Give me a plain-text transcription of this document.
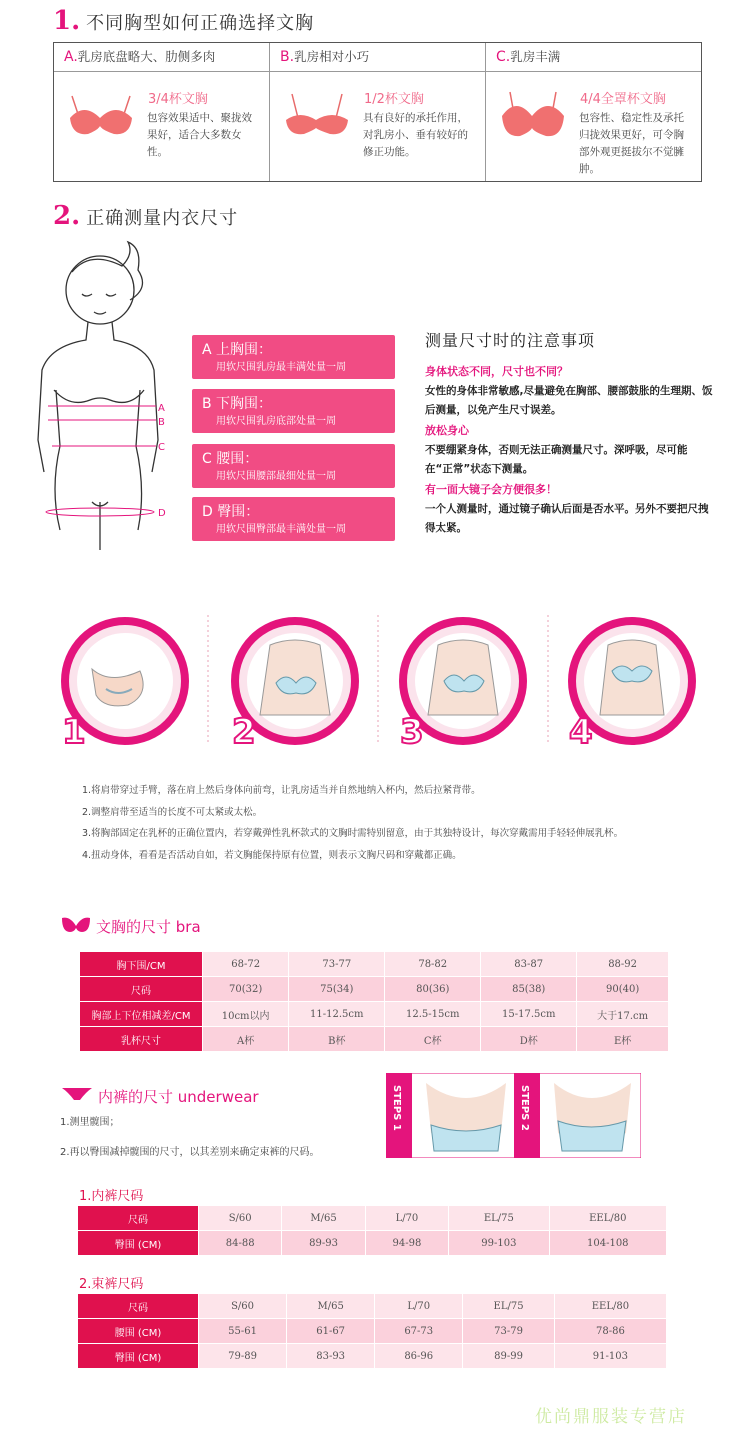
1. 不同胸型如何正确选择文胸
A.乳房底盘略大、肋侧多肉
3/4杯文胸
包容效果适中、聚拢效果好，适合大多数女性。
B.乳房相对小巧
1/2杯文胸
具有良好的承托作用，对乳房小、垂有较好的修正功能。
C.乳房丰满
4/4全罩杯文胸
包容性、稳定性及承托归拢效果更好，可令胸部外观更挺拔尔不觉臃肿。
2. 正确测量内衣尺寸
A
B
C
D
A 上胸围：
用软尺围乳房最丰满处量一周
B 下胸围：
用软尺围乳房底部处量一周
C 腰围：
用软尺围腰部最细处量一周
D 臀围：
用软尺围臀部最丰满处量一周
测量尺寸时的注意事项
身体状态不同，尺寸也不同？
女性的身体非常敏感,尽量避免在胸部、腰部鼓胀的生理期、饭后测量，以免产生尺寸误差。
放松身心
不要绷紧身体，否则无法正确测量尺寸。深呼吸，尽可能在“正常”状态下测量。
有一面大镜子会方便很多！
一个人测量时，通过镜子确认后面是否水平。另外不要把尺拽得太紧。
1	2	3	4
1.将肩带穿过手臂，落在肩上然后身体向前弯，让乳房适当并自然地纳入杯内，然后拉紧背带。
2.调整肩带至适当的长度不可太紧或太松。
3.将胸部固定在乳杯的正确位置内，若穿戴弹性乳杯款式的文胸时需特别留意，由于其独特设计，每次穿戴需用手轻轻伸展乳杯。
4.扭动身体，看看是否活动自如，若文胸能保持原有位置，则表示文胸尺码和穿戴都正确。
文胸的尺寸 bra
胸下围/CM	68-72	73-77	78-82	83-87	88-92
尺码	70(32)	75(34)	80(36)	85(38)	90(40)
胸部上下位相减差/CM	10cm以内	11-12.5cm	12.5-15cm	15-17.5cm	大于17.cm
乳杯尺寸	A杯	B杯	C杯	D杯	E杯
内裤的尺寸 underwear
1.测里髋围；
2.再以臀围减掉髋围的尺寸，以其差别来确定束裤的尺码。
STEPS 1	STEPS 2
1.内裤尺码
尺码	S/60	M/65	L/70	EL/75	EEL/80
臀围 (CM)	84-88	89-93	94-98	99-103	104-108
2.束裤尺码
尺码	S/60	M/65	L/70	EL/75	EEL/80
腰围 (CM)	55-61	61-67	67-73	73-79	78-86
臀围 (CM)	79-89	83-93	86-96	89-99	91-103
优尚鼎服装专营店
